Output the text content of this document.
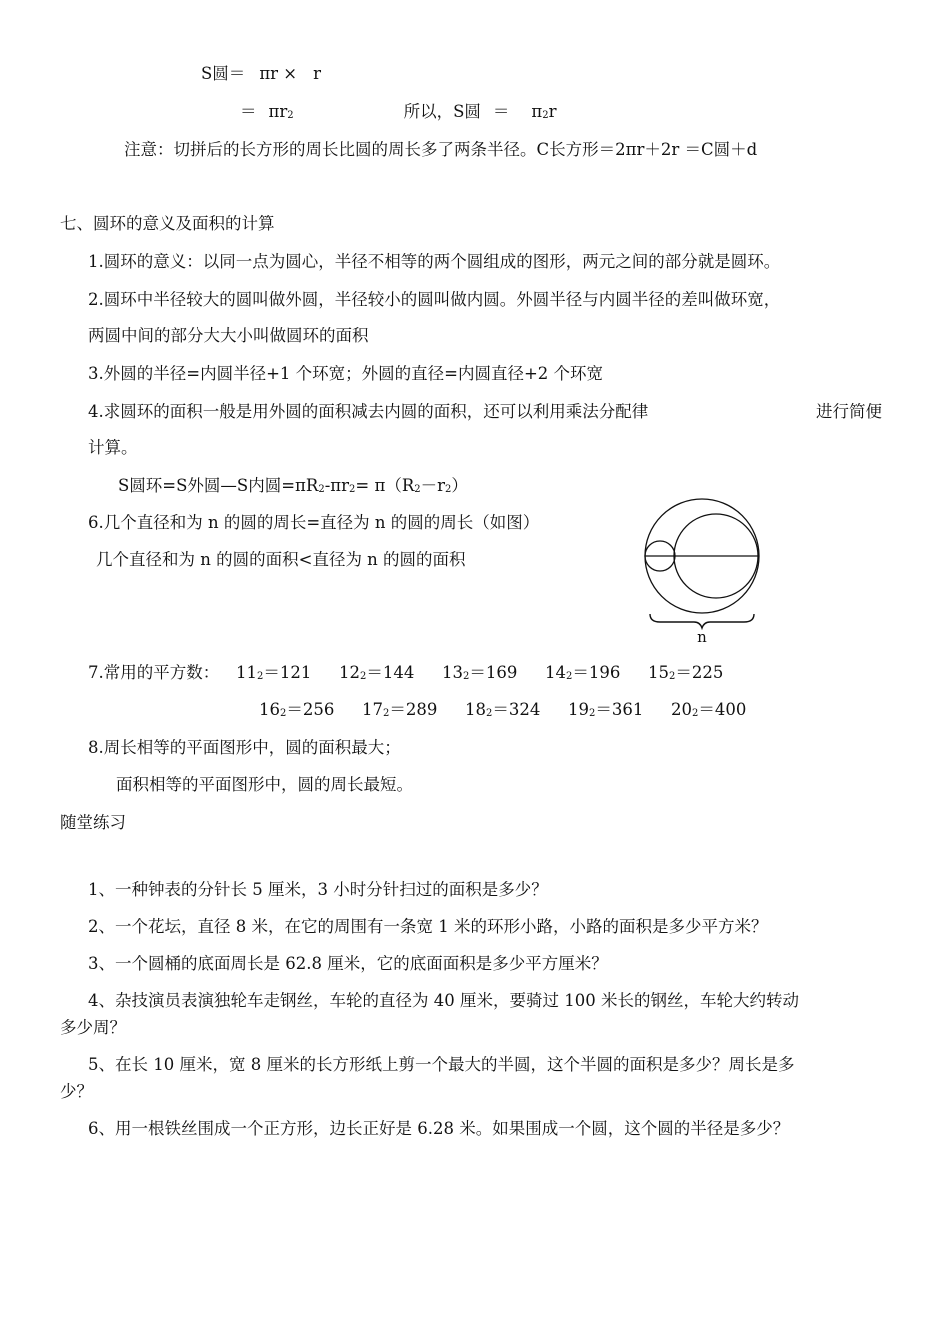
S圆＝ πr × r
＝ $\pi r^2$	所以，S圆 ＝ $\pi^2r$
注意：切拼后的长方形的周长比圆的周长多了两条半径。C长方形＝2πr＋2r ＝C圆＋d
七、圆环的意义及面积的计算
1.圆环的意义：以同一点为圆心，半径不相等的两个圆组成的图形，两元之间的部分就是圆环。
2.圆环中半径较大的圆叫做外圆，半径较小的圆叫做内圆。外圆半径与内圆半径的差叫做环宽，
两圆中间的部分大大小叫做圆环的面积
3.外圆的半径=内圆半径+1 个环宽；外圆的直径=内圆直径+2 个环宽
4.求圆环的面积一般是用外圆的面积减去内圆的面积，还可以利用乘法分配律	进行简便
计算。
S圆环=S外圆—S内圆$=\pi R_2-\pi r_2= \pi(R_2-r_2)$
6.几个直径和为 n 的圆的周长=直径为 n 的圆的周长（如图）
几个直径和为 n 的圆的面积<直径为 n 的圆的面积
n
7.常用的平方数： $11_2=121$ $12_2=144$ $13_2=169$ $14_2=196$ $15_2=225$
$16_2=256$ $17_2=289$ $18_2=324$ $19_2=361$ $20_2=400$
8.周长相等的平面图形中，圆的面积最大；
面积相等的平面图形中，圆的周长最短。
随堂练习
1、一种钟表的分针长 5 厘米，3 小时分针扫过的面积是多少？
2、一个花坛，直径 8 米，在它的周围有一条宽 1 米的环形小路，小路的面积是多少平方米？
3、一个圆桶的底面周长是 62.8 厘米，它的底面面积是多少平方厘米？
4、杂技演员表演独轮车走钢丝，车轮的直径为 40 厘米，要骑过 100 米长的钢丝，车轮大约转动
多少周？
5、在长 10 厘米，宽 8 厘米的长方形纸上剪一个最大的半圆，这个半圆的面积是多少？周长是多
少？
6、用一根铁丝围成一个正方形，边长正好是 6.28 米。如果围成一个圆，这个圆的半径是多少？
